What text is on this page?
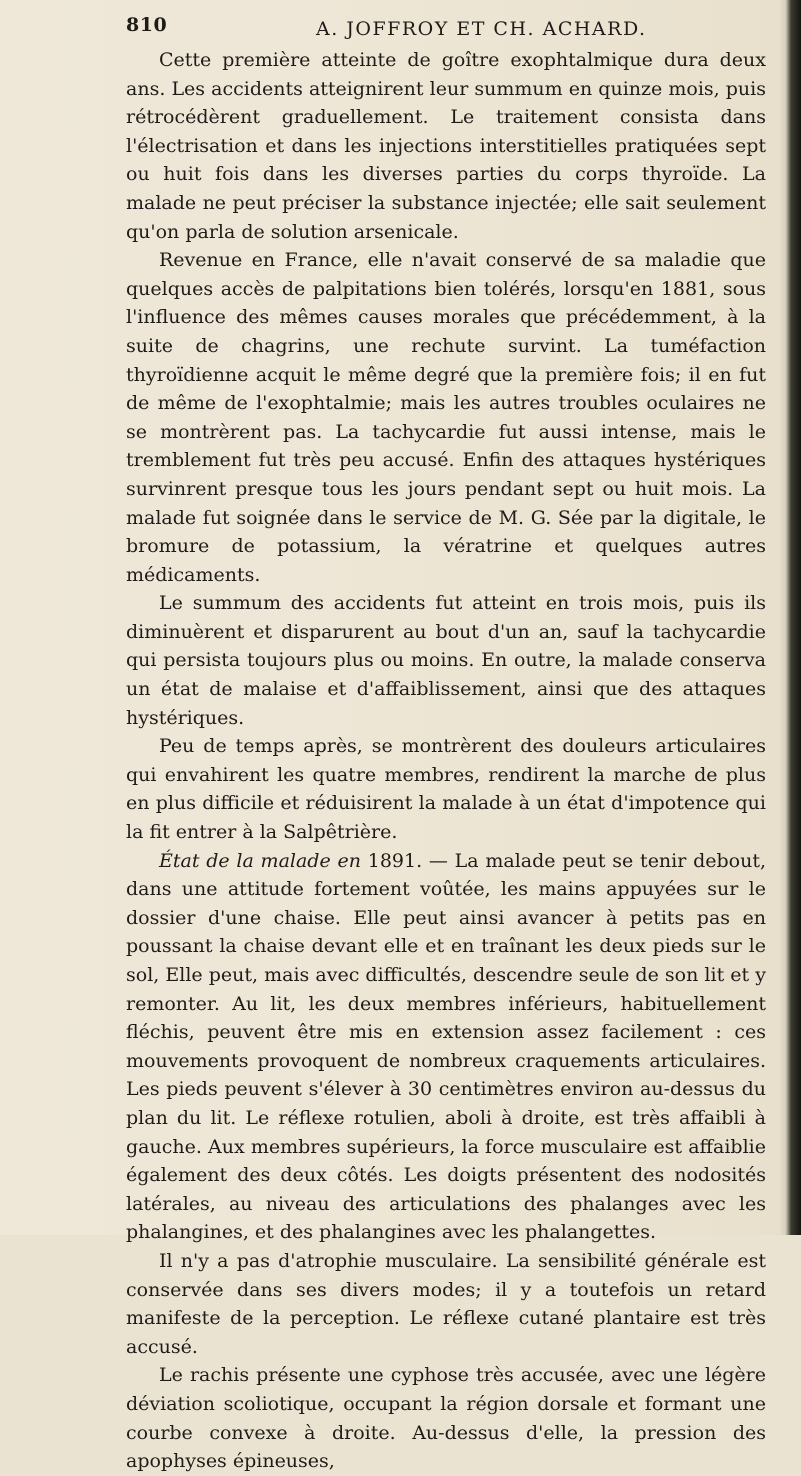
810	A. JOFFROY ET CH. ACHARD.

Cette première atteinte de goître exophtalmique dura deux ans. Les accidents atteignirent leur summum en quinze mois, puis rétrocédèrent graduellement. Le traitement consista dans l'électrisation et dans les injections interstitielles pratiquées sept ou huit fois dans les diverses parties du corps thyroïde. La malade ne peut préciser la substance injectée; elle sait seulement qu'on parla de solution arsenicale.

Revenue en France, elle n'avait conservé de sa maladie que quelques accès de palpitations bien tolérés, lorsqu'en 1881, sous l'influence des mêmes causes morales que précédemment, à la suite de chagrins, une rechute survint. La tuméfaction thyroïdienne acquit le même degré que la première fois; il en fut de même de l'exophtalmie; mais les autres troubles oculaires ne se montrèrent pas. La tachycardie fut aussi intense, mais le tremblement fut très peu accusé. Enfin des attaques hystériques survinrent presque tous les jours pendant sept ou huit mois. La malade fut soignée dans le service de M. G. Sée par la digitale, le bromure de potassium, la vératrine et quelques autres médicaments.

Le summum des accidents fut atteint en trois mois, puis ils diminuèrent et disparurent au bout d'un an, sauf la tachycardie qui persista toujours plus ou moins. En outre, la malade conserva un état de malaise et d'affaiblissement, ainsi que des attaques hystériques.

Peu de temps après, se montrèrent des douleurs articulaires qui envahirent les quatre membres, rendirent la marche de plus en plus difficile et réduisirent la malade à un état d'impotence qui la fit entrer à la Salpêtrière.

État de la malade en 1891. — La malade peut se tenir debout, dans une attitude fortement voûtée, les mains appuyées sur le dossier d'une chaise. Elle peut ainsi avancer à petits pas en poussant la chaise devant elle et en traînant les deux pieds sur le sol, Elle peut, mais avec difficultés, descendre seule de son lit et y remonter. Au lit, les deux membres inférieurs, habituellement fléchis, peuvent être mis en extension assez facilement : ces mouvements provoquent de nombreux craquements articulaires. Les pieds peuvent s'élever à 30 centimètres environ au-dessus du plan du lit. Le réflexe rotulien, aboli à droite, est très affaibli à gauche. Aux membres supérieurs, la force musculaire est affaiblie également des deux côtés. Les doigts présentent des nodosités latérales, au niveau des articulations des phalanges avec les phalangines, et des phalangines avec les phalangettes.

Il n'y a pas d'atrophie musculaire. La sensibilité générale est conservée dans ses divers modes; il y a toutefois un retard manifeste de la perception. Le réflexe cutané plantaire est très accusé.

Le rachis présente une cyphose très accusée, avec une légère déviation scoliotique, occupant la région dorsale et formant une courbe convexe à droite. Au-dessus d'elle, la pression des apophyses épineuses,
